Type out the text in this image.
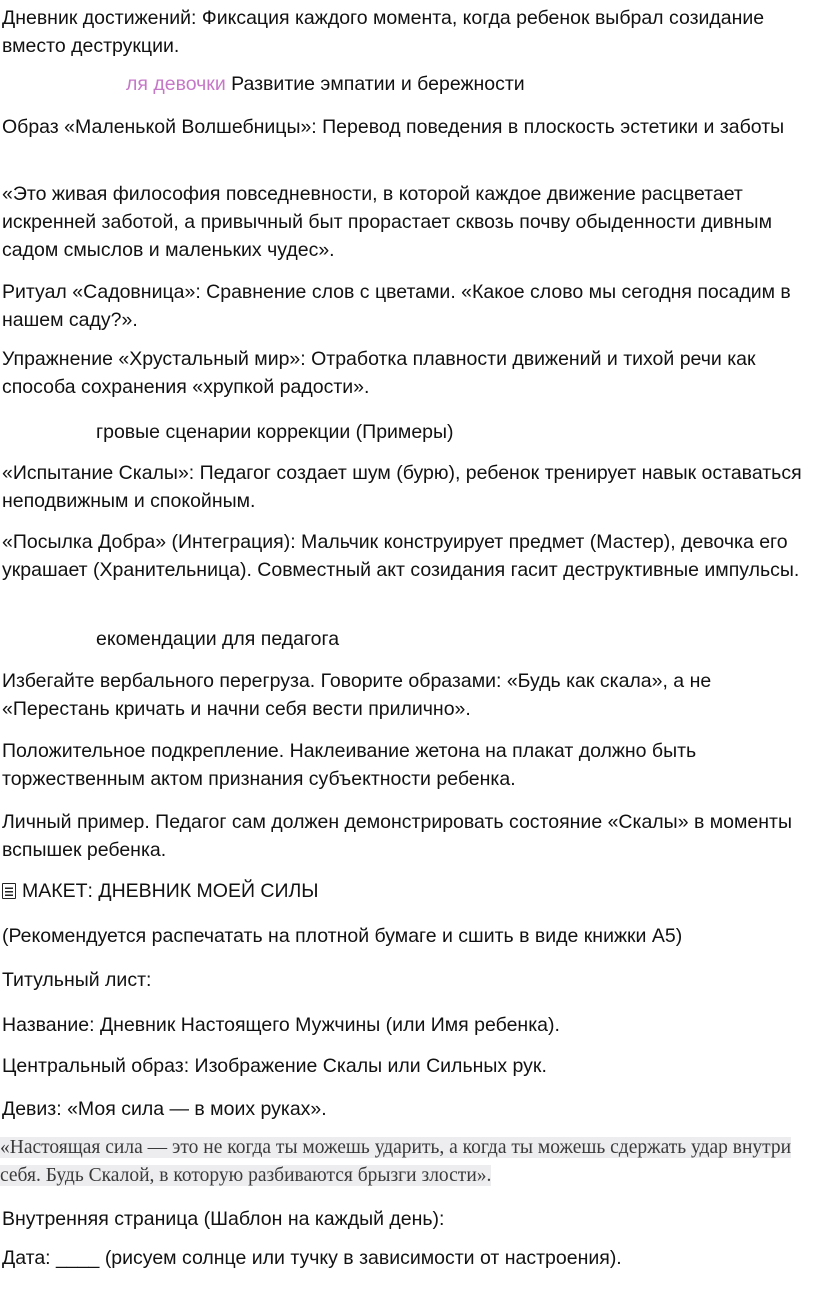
Дневник достижений: Фиксация каждого момента, когда ребенок выбрал созидание вместо деструкции.

ля девочки Развитие эмпатии и бережности

Образ «Маленькой Волшебницы»: Перевод поведения в плоскость эстетики и заботы

«Это живая философия повседневности, в которой каждое движение расцветает искренней заботой, а привычный быт прорастает сквозь почву обыденности дивным садом смыслов и маленьких чудес».

Ритуал «Садовница»: Сравнение слов с цветами. «Какое слово мы сегодня посадим в нашем саду?».

Упражнение «Хрустальный мир»: Отработка плавности движений и тихой речи как способа сохранения «хрупкой радости».

гровые сценарии коррекции (Примеры)

«Испытание Скалы»: Педагог создает шум (бурю), ребенок тренирует навык оставаться неподвижным и спокойным.

«Посылка Добра» (Интеграция): Мальчик конструирует предмет (Мастер), девочка его украшает (Хранительница). Совместный акт созидания гасит деструктивные импульсы.

екомендации для педагога

Избегайте вербального перегруза. Говорите образами: «Будь как скала», а не «Перестань кричать и начни себя вести прилично».

Положительное подкрепление. Наклеивание жетона на плакат должно быть торжественным актом признания субъектности ребенка.

Личный пример. Педагог сам должен демонстрировать состояние «Скалы» в моменты вспышек ребенка.

МАКЕТ: ДНЕВНИК МОЕЙ СИЛЫ

(Рекомендуется распечатать на плотной бумаге и сшить в виде книжки А5)

Титульный лист:

Название: Дневник Настоящего Мужчины (или Имя ребенка).

Центральный образ: Изображение Скалы или Сильных рук.

Девиз: «Моя сила — в моих руках».

«Настоящая сила — это не когда ты можешь ударить, а когда ты можешь сдержать удар внутри себя. Будь Скалой, в которую разбиваются брызги злости».

Внутренняя страница (Шаблон на каждый день):

Дата: ____ (рисуем солнце или тучку в зависимости от настроения).
